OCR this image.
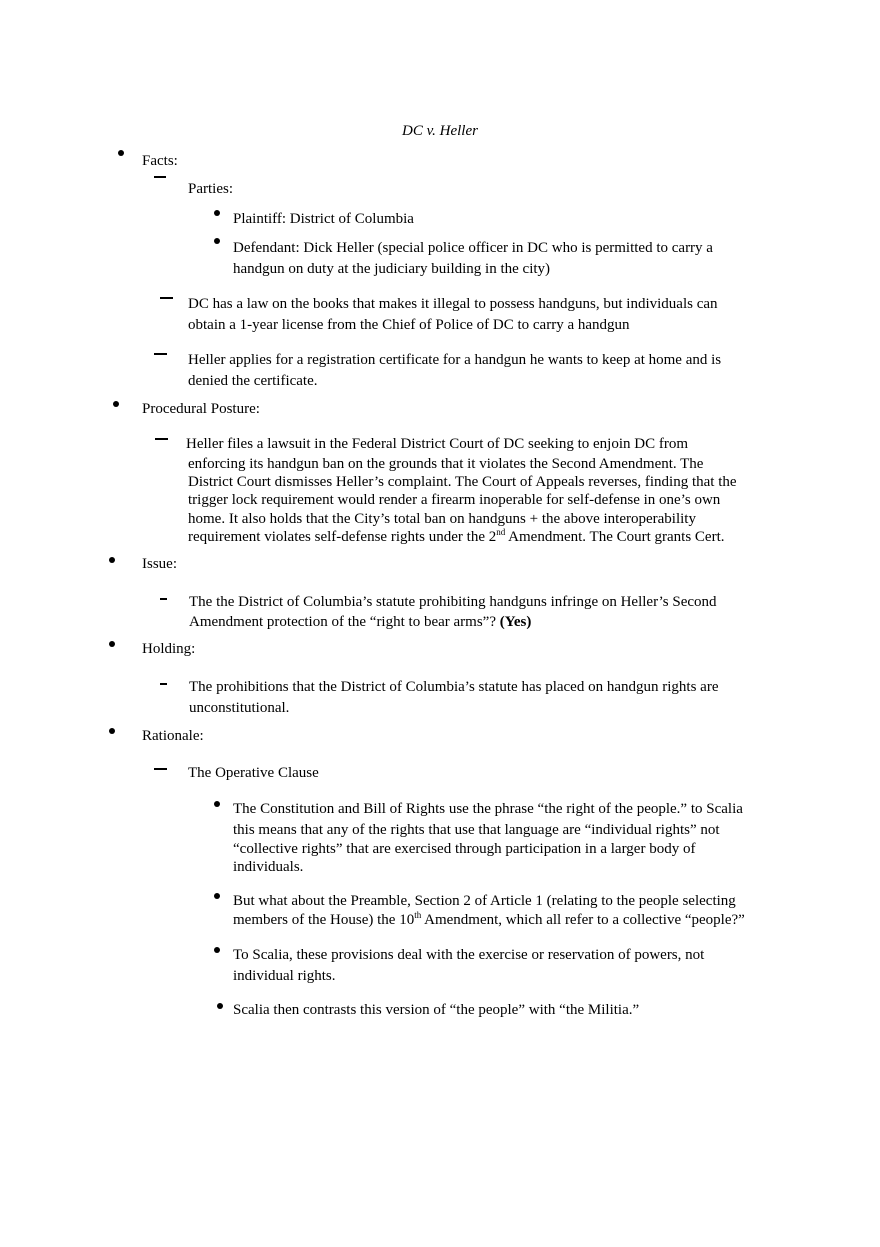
DC v. Heller
Facts:
Parties:
Plaintiff: District of Columbia
Defendant: Dick Heller (special police officer in DC who is permitted to carry a
handgun on duty at the judiciary building in the city)
DC has a law on the books that makes it illegal to possess handguns, but individuals can
obtain a 1-year license from the Chief of Police of DC to carry a handgun
Heller applies for a registration certificate for a handgun he wants to keep at home and is
denied the certificate.
Procedural Posture:
Heller files a lawsuit in the Federal District Court of DC seeking to enjoin DC from
enforcing its handgun ban on the grounds that it violates the Second Amendment. The
District Court dismisses Heller’s complaint. The Court of Appeals reverses, finding that the
trigger lock requirement would render a firearm inoperable for self-defense in one’s own
home. It also holds that the City’s total ban on handguns + the above interoperability
requirement violates self-defense rights under the 2nd Amendment. The Court grants Cert.
Issue:
The the District of Columbia’s statute prohibiting handguns infringe on Heller’s Second
Amendment protection of the “right to bear arms”? (Yes)
Holding:
The prohibitions that the District of Columbia’s statute has placed on handgun rights are
unconstitutional.
Rationale:
The Operative Clause
The Constitution and Bill of Rights use the phrase “the right of the people.” to Scalia
this means that any of the rights that use that language are “individual rights” not
“collective rights” that are exercised through participation in a larger body of
individuals.
But what about the Preamble, Section 2 of Article 1 (relating to the people selecting
members of the House) the 10th Amendment, which all refer to a collective “people?”
To Scalia, these provisions deal with the exercise or reservation of powers, not
individual rights.
Scalia then contrasts this version of “the people” with “the Militia.”
